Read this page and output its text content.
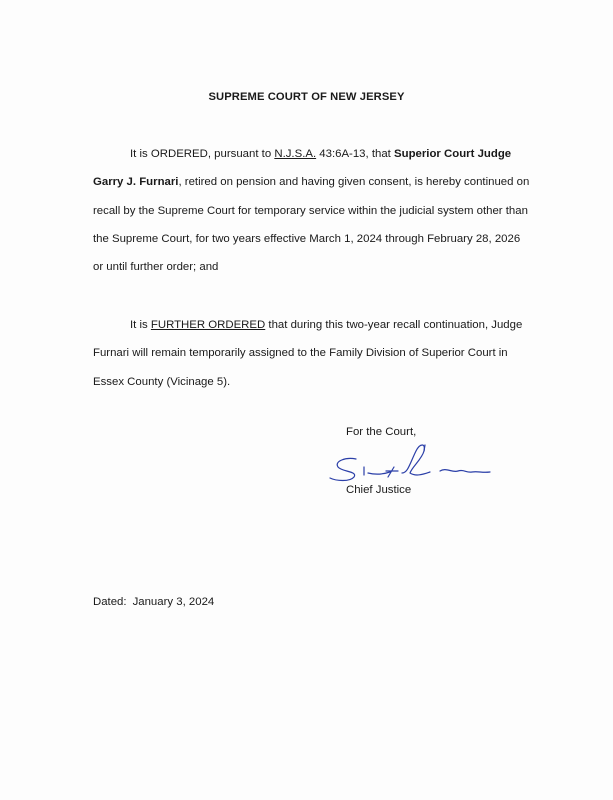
SUPREME COURT OF NEW JERSEY

It is ORDERED, pursuant to N.J.S.A. 43:6A-13, that Superior Court Judge Garry J. Furnari, retired on pension and having given consent, is hereby continued on recall by the Supreme Court for temporary service within the judicial system other than the Supreme Court, for two years effective March 1, 2024 through February 28, 2026 or until further order; and

It is FURTHER ORDERED that during this two-year recall continuation, Judge Furnari will remain temporarily assigned to the Family Division of Superior Court in Essex County (Vicinage 5).

For the Court,
Chief Justice
Dated: January 3, 2024
